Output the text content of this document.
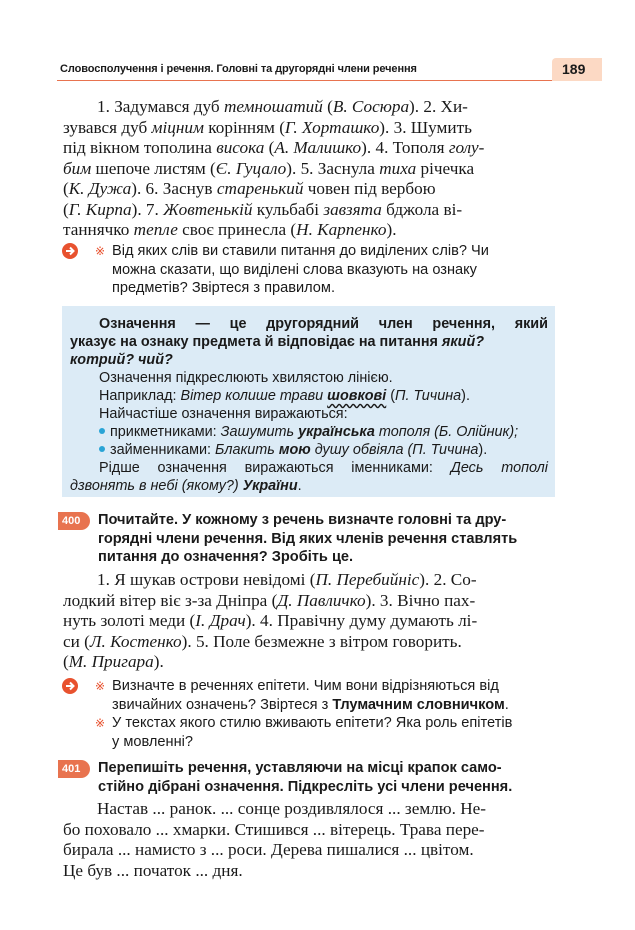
Словосполучення і речення. Головні та другорядні члени речення	189
1. Задумався дуб темношатий (В. Сосюра). 2. Хи-
зувався дуб міцним корінням (Г. Хорташко). 3. Шумить
під вікном тополина висока (А. Малишко). 4. Тополя голу-
бим шепоче листям (Є. Гуцало). 5. Заснула тиха річечка
(К. Дужа). 6. Заснув старенький човен під вербою
(Г. Кирпа). 7. Жовтенькій кульбабі завзята бджола ві-
таннячко тепле своє принесла (Н. Карпенко).
※ Від яких слів ви ставили питання до виділених слів? Чи
можна сказати, що виділені слова вказують на ознаку
предметів? Звіртеся з правилом.
Означення — це другорядний член речення, який
указує на ознаку предмета й відповідає на питання який?
котрий? чий?
Означення підкреслюють хвилястою лінією.
Наприклад: Вітер колише трави шовкові (П. Тичина).
Найчастіше означення виражаються:
прикметниками: Зашумить українська тополя (Б. Олійник);
займенниками: Блакить мою душу обвіяла (П. Тичина).
Рідше означення виражаються іменниками: Десь тополі
дзвонять в небі (якому?) України.
400	Почитайте. У кожному з речень визначте головні та дру-
горядні члени речення. Від яких членів речення ставлять
питання до означення? Зробіть це.
1. Я шукав острови невідомі (П. Перебийніс). 2. Со-
лодкий вітер віє з-за Дніпра (Д. Павличко). 3. Вічно пах-
нуть золоті меди (І. Драч). 4. Правічну думу думають лі-
си (Л. Костенко). 5. Поле безмежне з вітром говорить.
(М. Пригара).
※ Визначте в реченнях епітети. Чим вони відрізняються від
звичайних означень? Звіртеся з Тлумачним словничком.
※ У текстах якого стилю вживають епітети? Яка роль епітетів
у мовленні?
401	Перепишіть речення, уставляючи на місці крапок само-
стійно дібрані означення. Підкресліть усі члени речення.
Настав ... ранок. ... сонце роздивлялося ... землю. Не-
бо поховало ... хмарки. Стишився ... вітерець. Трава пере-
бирала ... намисто з ... роси. Дерева пишалися ... цвітом.
Це був ... початок ... дня.
